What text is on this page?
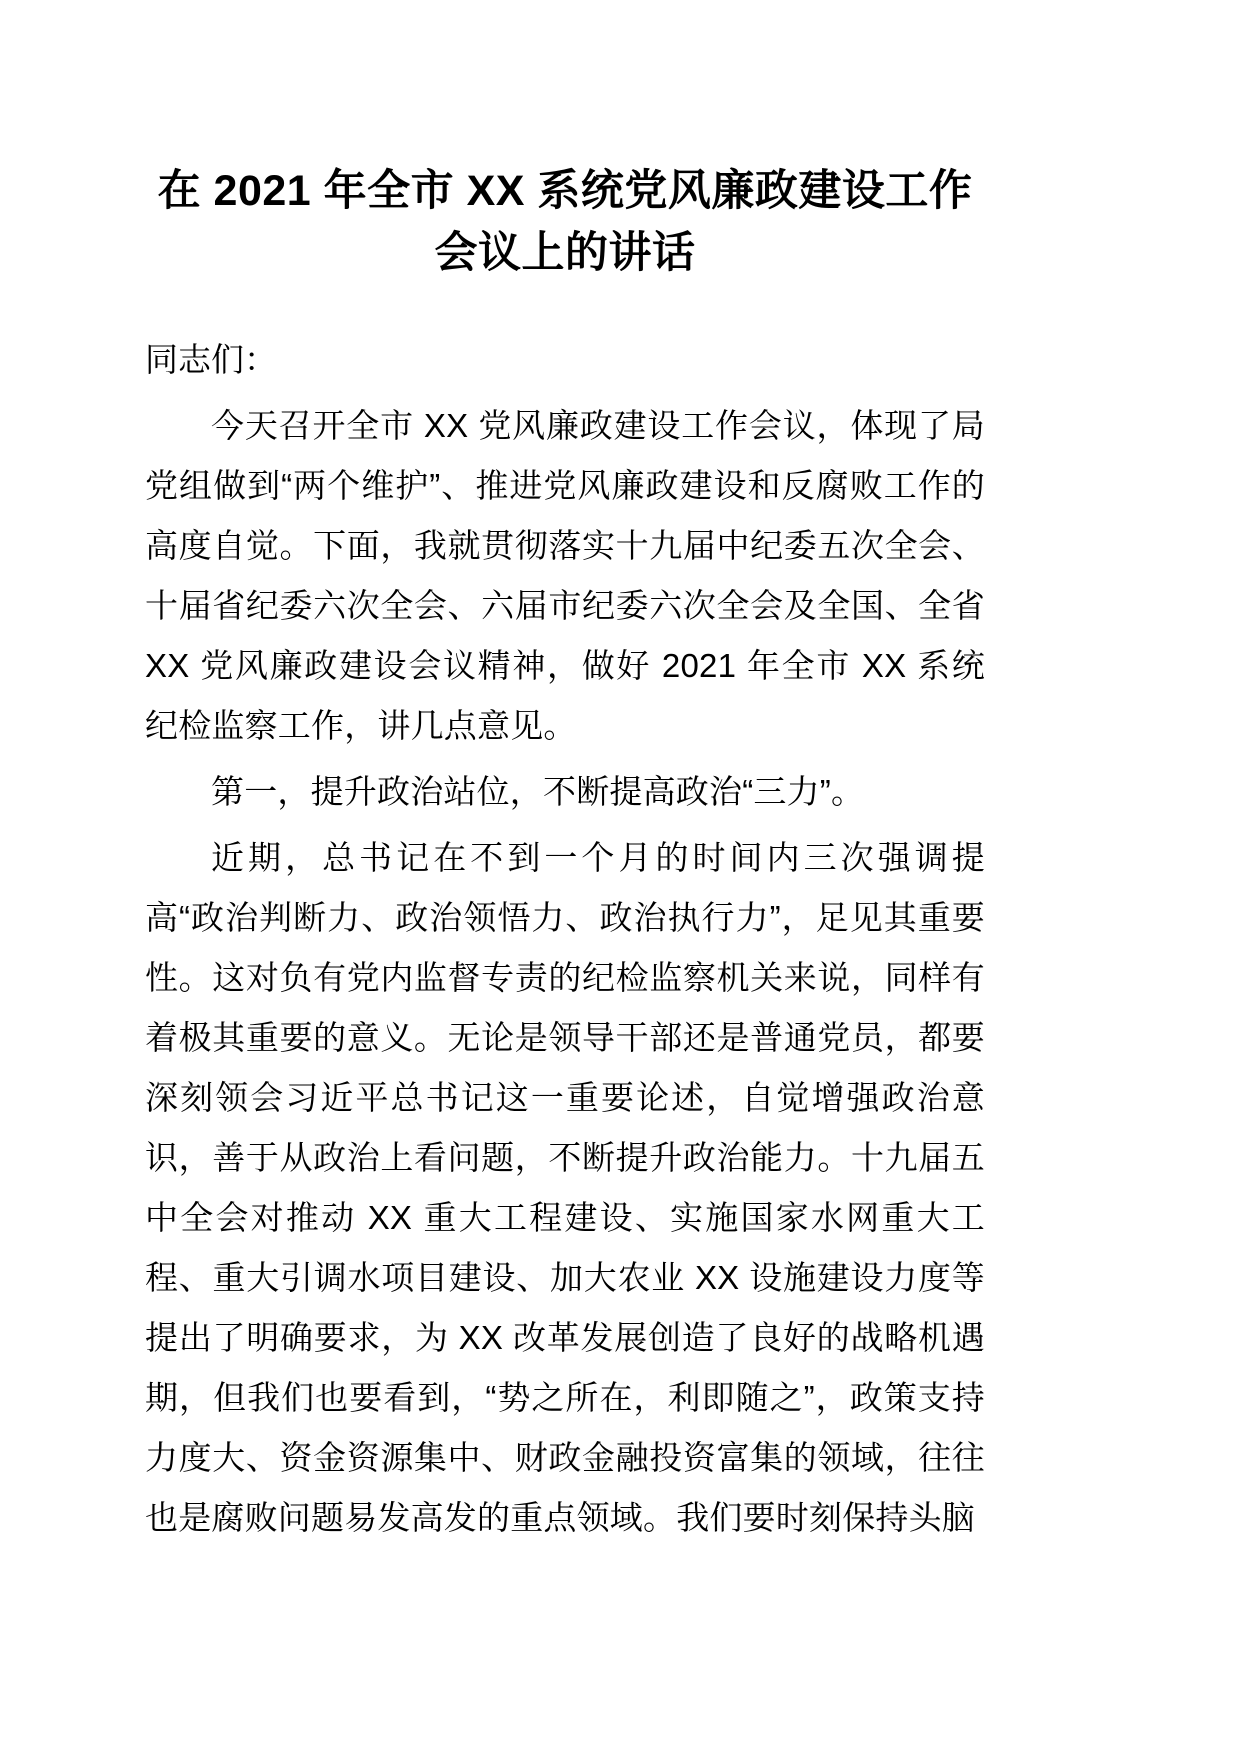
在 2021 年全市 XX 系统党风廉政建设工作会议上的讲话

同志们：

今天召开全市 XX 党风廉政建设工作会议，体现了局党组做到“两个维护”、推进党风廉政建设和反腐败工作的高度自觉。下面，我就贯彻落实十九届中纪委五次全会、十届省纪委六次全会、六届市纪委六次全会及全国、全省 XX 党风廉政建设会议精神，做好 2021 年全市 XX 系统纪检监察工作，讲几点意见。

第一，提升政治站位，不断提高政治“三力”。

近期，总书记在不到一个月的时间内三次强调提高“政治判断力、政治领悟力、政治执行力”，足见其重要性。这对负有党内监督专责的纪检监察机关来说，同样有着极其重要的意义。无论是领导干部还是普通党员，都要深刻领会习近平总书记这一重要论述，自觉增强政治意识，善于从政治上看问题，不断提升政治能力。十九届五中全会对推动 XX 重大工程建设、实施国家水网重大工程、重大引调水项目建设、加大农业 XX 设施建设力度等提出了明确要求，为 XX 改革发展创造了良好的战略机遇期，但我们也要看到，“势之所在，利即随之”，政策支持力度大、资金资源集中、财政金融投资富集的领域，往往也是腐败问题易发高发的重点领域。我们要时刻保持头脑
